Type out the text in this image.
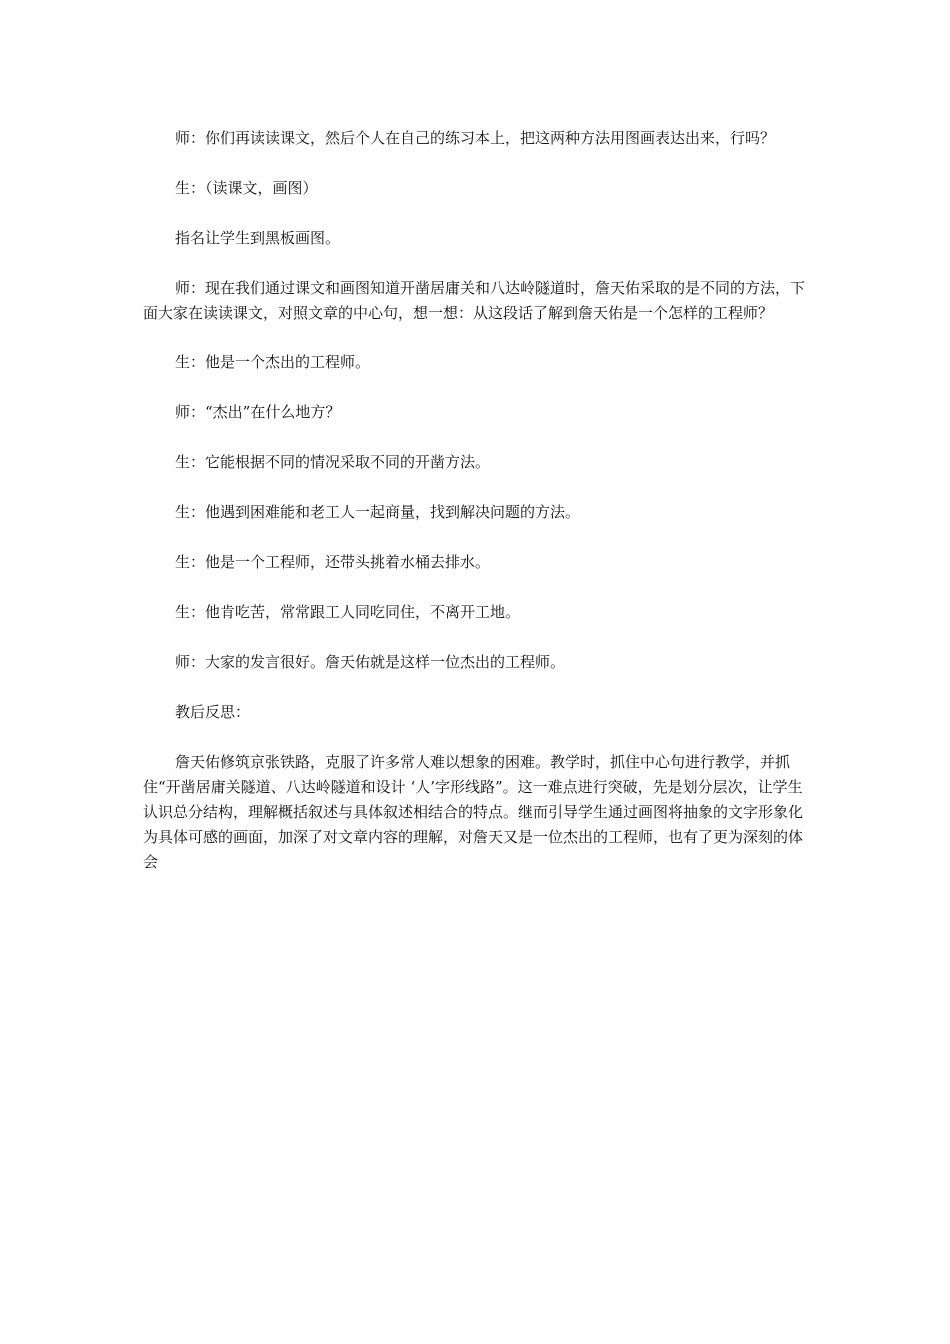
师：你们再读读课文，然后个人在自己的练习本上，把这两种方法用图画表达出来，行吗？

生：（读课文，画图）

指名让学生到黑板画图。

师：现在我们通过课文和画图知道开凿居庸关和八达岭隧道时，詹天佑采取的是不同的方法，下面大家在读读课文，对照文章的中心句，想一想：从这段话了解到詹天佑是一个怎样的工程师？

生：他是一个杰出的工程师。

师：“杰出”在什么地方？

生：它能根据不同的情况采取不同的开凿方法。

生：他遇到困难能和老工人一起商量，找到解决问题的方法。

生：他是一个工程师，还带头挑着水桶去排水。

生：他肯吃苦，常常跟工人同吃同住，不离开工地。

师：大家的发言很好。詹天佑就是这样一位杰出的工程师。

教后反思：

詹天佑修筑京张铁路，克服了许多常人难以想象的困难。教学时，抓住中心句进行教学，并抓住“开凿居庸关隧道、八达岭隧道和设计 ‘人’字形线路”。这一难点进行突破，先是划分层次，让学生认识总分结构，理解概括叙述与具体叙述相结合的特点。继而引导学生通过画图将抽象的文字形象化为具体可感的画面，加深了对文章内容的理解，对詹天又是一位杰出的工程师，也有了更为深刻的体会
